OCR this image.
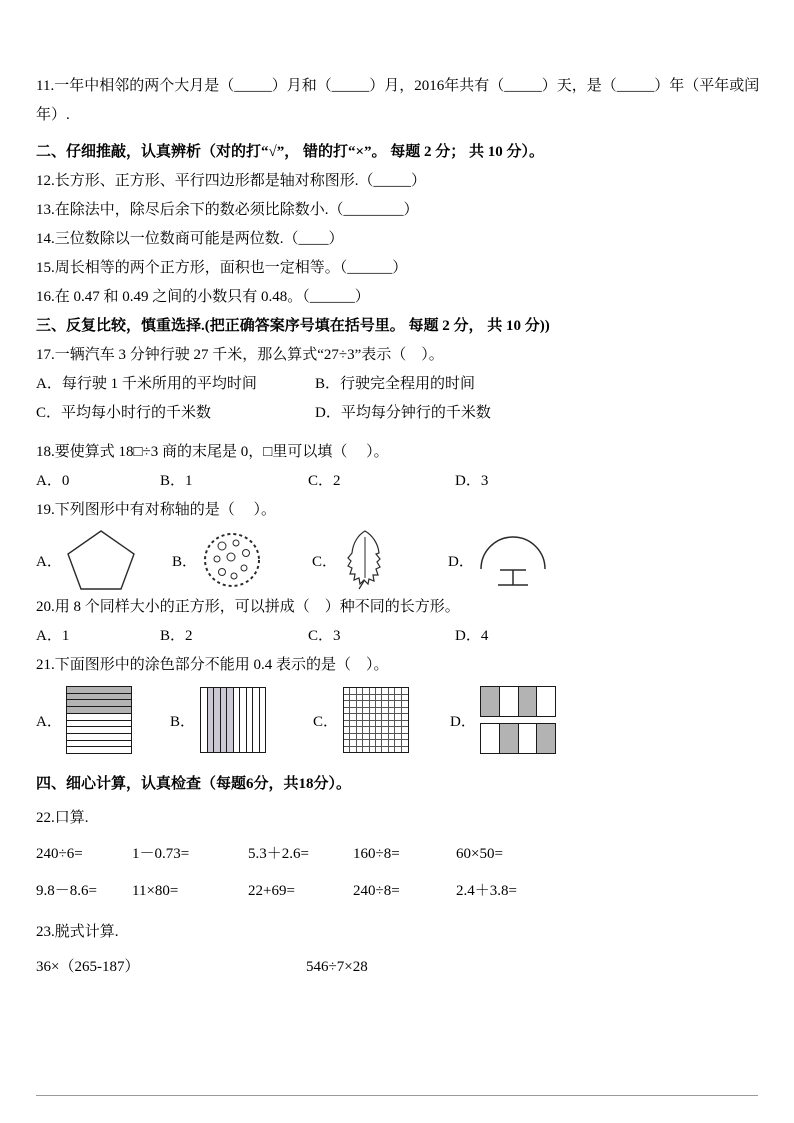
11.一年中相邻的两个大月是（_____）月和（_____）月，2016年共有（_____）天，是（_____）年（平年或闰年）.

二、仔细推敲，认真辨析（对的打“√”， 错的打“×”。 每题 2 分； 共 10 分）。

12.长方形、正方形、平行四边形都是轴对称图形.（_____）

13.在除法中，除尽后余下的数必须比除数小.（________）

14.三位数除以一位数商可能是两位数.（____）

15.周长相等的两个正方形，面积也一定相等。（______）

16.在 0.47 和 0.49 之间的小数只有 0.48。（______）

三、反复比较，慎重选择.(把正确答案序号填在括号里。 每题 2 分， 共 10 分))

17.一辆汽车 3 分钟行驶 27 千米，那么算式“27÷3”表示（　）。

A．每行驶 1 千米所用的平均时间	B．行驶完全程用的时间

C．平均每小时行的千米数	D．平均每分钟行的千米数

18.要使算式 18□÷3 商的末尾是 0，□里可以填（　 ）。

A．0	B．1	C．2	D．3

19.下列图形中有对称轴的是（　 ）。

A．	B．	C．	D．

20.用 8 个同样大小的正方形，可以拼成（　）种不同的长方形。

A．1	B．2	C．3	D．4

21.下面图形中的涂色部分不能用 0.4 表示的是（　）。

A．	B．	C．	D．

四、细心计算，认真检查（每题6分，共18分）。

22.口算.

240÷6=	1－0.73=	5.3＋2.6=	160÷8=	60×50=

9.8－8.6= 11×80=	22+69=	240÷8=	2.4＋3.8=

23.脱式计算.

36×（265-187）	546÷7×28
